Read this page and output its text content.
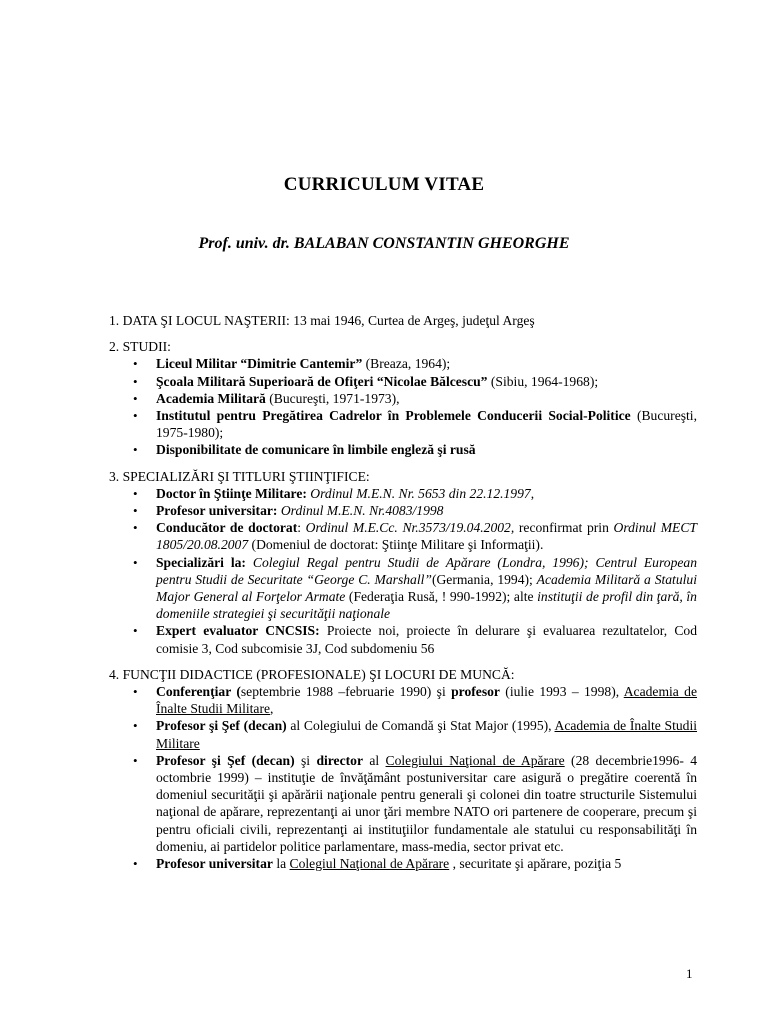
CURRICULUM VITAE
Prof. univ. dr. BALABAN CONSTANTIN GHEORGHE

1. DATA ŞI LOCUL NAŞTERII: 13 mai 1946, Curtea de Argeş, judeţul Argeş

2. STUDII:

• Liceul Militar “Dimitrie Cantemir” (Breaza, 1964);
• Şcoala Militară Superioară de Ofiţeri “Nicolae Bălcescu” (Sibiu, 1964-1968);
• Academia Militară (Bucureşti, 1971-1973),
• Institutul pentru Pregătirea Cadrelor în Problemele Conducerii Social-Politice (Bucureşti, 1975-1980);
• Disponibilitate de comunicare în limbile engleză şi rusă

3. SPECIALIZĂRI ŞI TITLURI ŞTIINŢIFICE:

• Doctor în Ştiinţe Militare: Ordinul M.E.N. Nr. 5653 din 22.12.1997,
• Profesor universitar: Ordinul M.E.N. Nr.4083/1998
• Conducător de doctorat: Ordinul M.E.Cc. Nr.3573/19.04.2002, reconfirmat prin Ordinul MECT 1805/20.08.2007 (Domeniul de doctorat: Ştiinţe Militare şi Informaţii).
• Specializări la: Colegiul Regal pentru Studii de Apărare (Londra, 1996); Centrul European pentru Studii de Securitate “George C. Marshall”(Germania, 1994); Academia Militară a Statului Major General al Forţelor Armate (Federaţia Rusă, ! 990-1992); alte instituţii de profil din ţară, în domeniile strategiei şi securităţii naţionale
• Expert evaluator CNCSIS: Proiecte noi, proiecte în delurare şi evaluarea rezultatelor, Cod comisie 3, Cod subcomisie 3J, Cod subdomeniu 56

4. FUNCŢII DIDACTICE (PROFESIONALE) ŞI LOCURI DE MUNCĂ:

• Conferenţiar (septembrie 1988 –februarie 1990) şi profesor (iulie 1993 – 1998), Academia de Înalte Studii Militare,
• Profesor şi Şef (decan) al Colegiului de Comandă şi Stat Major (1995), Academia de Înalte Studii Militare
• Profesor şi Şef (decan) şi director al Colegiului Naţional de Apărare (28 decembrie1996- 4 octombrie 1999) – instituţie de învăţământ postuniversitar care asigură o pregătire coerentă în domeniul securităţii şi apărării naţionale pentru generali şi colonei din toatre structurile Sistemului naţional de apărare, reprezentanţi ai unor ţări membre NATO ori partenere de cooperare, precum şi pentru oficiali civili, reprezentanţi ai instituţiilor fundamentale ale statului cu responsabilităţi în domeniu, ai partidelor politice parlamentare, mass-media, sector privat etc.
• Profesor universitar la Colegiul Naţional de Apărare , securitate şi apărare, poziţia 5
1
